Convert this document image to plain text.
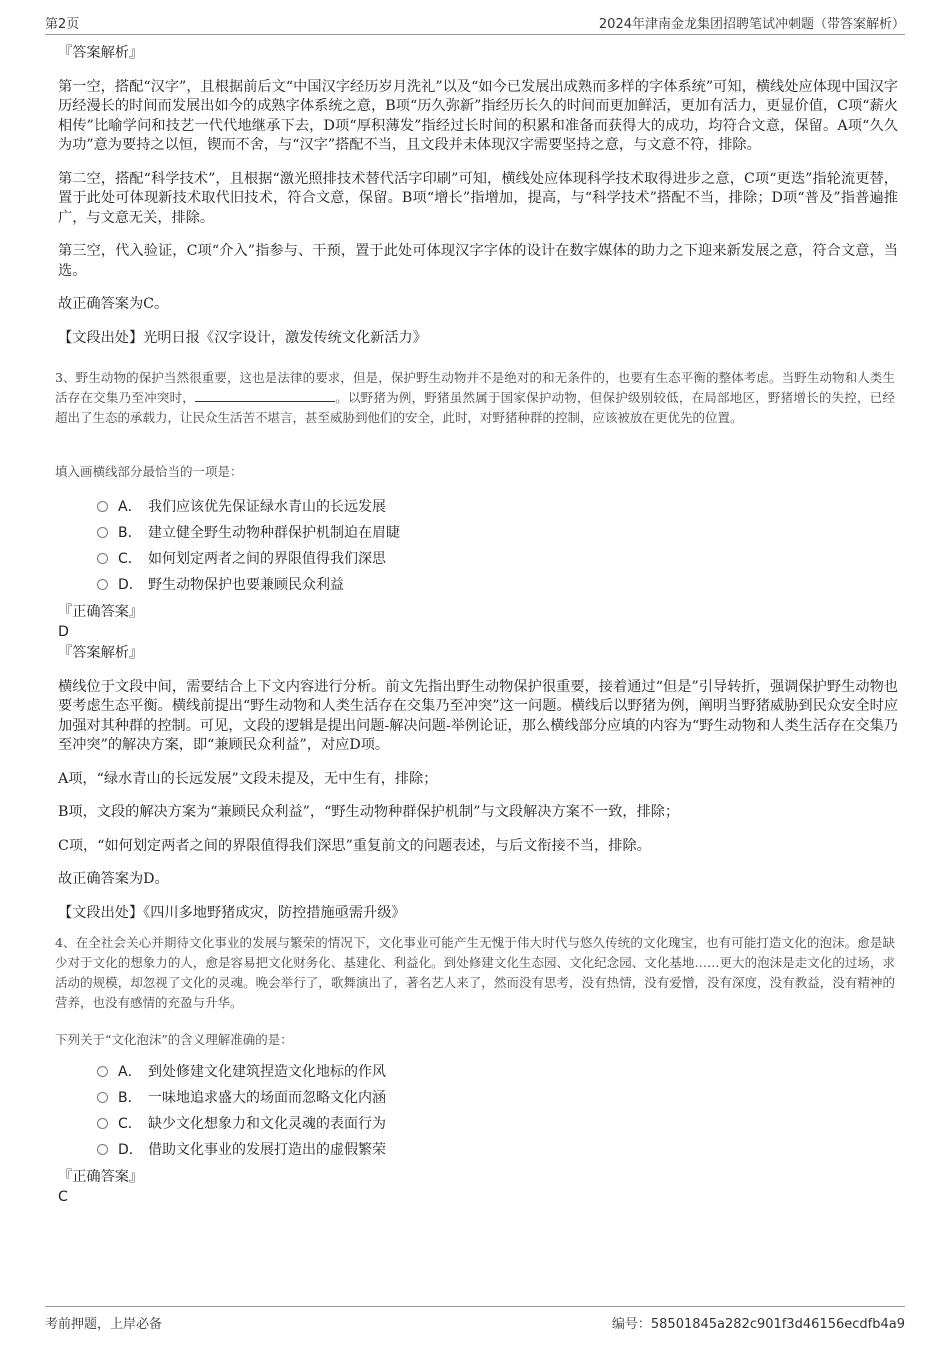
第2页	2024年津南金龙集团招聘笔试冲刺题（带答案解析）

『答案解析』

第一空，搭配“汉字”，且根据前后文“中国汉字经历岁月洗礼”以及“如今已发展出成熟而多样的字体系统”可知，横线处应体现中国汉字历经漫长的时间而发展出如今的成熟字体系统之意，B项“历久弥新”指经历长久的时间而更加鲜活，更加有活力，更显价值，C项“薪火相传”比喻学问和技艺一代代地继承下去，D项“厚积薄发”指经过长时间的积累和准备而获得大的成功，均符合文意，保留。A项“久久为功”意为要持之以恒，锲而不舍，与“汉字”搭配不当，且文段并未体现汉字需要坚持之意，与文意不符，排除。

第二空，搭配“科学技术”，且根据“激光照排技术替代活字印刷”可知，横线处应体现科学技术取得进步之意，C项“更迭”指轮流更替，置于此处可体现新技术取代旧技术，符合文意，保留。B项“增长”指增加，提高，与“科学技术”搭配不当，排除；D项“普及”指普遍推广，与文意无关，排除。

第三空，代入验证，C项“介入”指参与、干预，置于此处可体现汉字字体的设计在数字媒体的助力之下迎来新发展之意，符合文意，当选。

故正确答案为C。

【文段出处】光明日报《汉字设计，激发传统文化新活力》

3、野生动物的保护当然很重要，这也是法律的要求，但是，保护野生动物并不是绝对的和无条件的，也要有生态平衡的整体考虑。当野生动物和人类生活存在交集乃至冲突时，	。以野猪为例，野猪虽然属于国家保护动物，但保护级别较低，在局部地区，野猪增长的失控，已经超出了生态的承载力，让民众生活苦不堪言，甚至威胁到他们的安全，此时，对野猪种群的控制，应该被放在更优先的位置。
填入画横线部分最恰当的一项是：
A． 我们应该优先保证绿水青山的长远发展
B． 建立健全野生动物种群保护机制迫在眉睫
C． 如何划定两者之间的界限值得我们深思
D． 野生动物保护也要兼顾民众利益

『正确答案』

D

『答案解析』

横线位于文段中间，需要结合上下文内容进行分析。前文先指出野生动物保护很重要，接着通过“但是”引导转折，强调保护野生动物也要考虑生态平衡。横线前提出“野生动物和人类生活存在交集乃至冲突”这一问题。横线后以野猪为例，阐明当野猪威胁到民众安全时应加强对其种群的控制。可见，文段的逻辑是提出问题-解决问题-举例论证，那么横线部分应填的内容为“野生动物和人类生活存在交集乃至冲突”的解决方案，即“兼顾民众利益”，对应D项。

A项，“绿水青山的长远发展”文段未提及，无中生有，排除；

B项，文段的解决方案为“兼顾民众利益”，“野生动物种群保护机制”与文段解决方案不一致，排除；

C项，“如何划定两者之间的界限值得我们深思”重复前文的问题表述，与后文衔接不当，排除。

故正确答案为D。

【文段出处】《四川多地野猪成灾，防控措施亟需升级》

4、在全社会关心并期待文化事业的发展与繁荣的情况下，文化事业可能产生无愧于伟大时代与悠久传统的文化瑰宝，也有可能打造文化的泡沫。愈是缺少对于文化的想象力的人，愈是容易把文化财务化、基建化、利益化。到处修建文化生态园、文化纪念园、文化基地……更大的泡沫是走文化的过场，求活动的规模，却忽视了文化的灵魂。晚会举行了，歌舞演出了，著名艺人来了，然而没有思考，没有热情，没有爱憎，没有深度，没有教益，没有精神的营养，也没有感情的充盈与升华。
下列关于“文化泡沫”的含义理解准确的是：
A． 到处修建文化建筑捏造文化地标的作风
B． 一味地追求盛大的场面而忽略文化内涵
C． 缺少文化想象力和文化灵魂的表面行为
D． 借助文化事业的发展打造出的虚假繁荣

『正确答案』

C

考前押题，上岸必备	编号：58501845a282c901f3d46156ecdfb4a9
